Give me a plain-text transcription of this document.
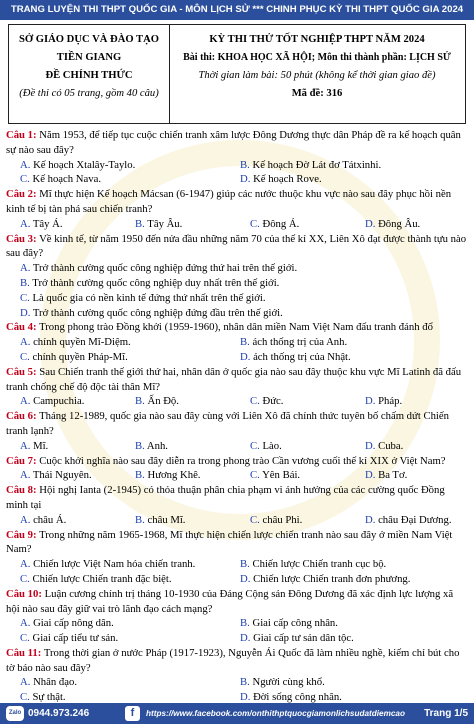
TRANG LUYỆN THI THPT QUỐC GIA - MÔN LỊCH SỬ *** CHINH PHỤC KỲ THI THPT QUỐC GIA 2024
SỞ GIÁO DỤC VÀ ĐÀO TẠO
TIỀN GIANG
ĐỀ CHÍNH THỨC
(Đề thi có 05 trang, gồm 40 câu)
KỲ THI THỬ TỐT NGHIỆP THPT NĂM 2024
Bài thi: KHOA HỌC XÃ HỘI; Môn thi thành phần: LỊCH SỬ
Thời gian làm bài: 50 phút (không kể thời gian giao đề)
Mã đề: 316

Câu 1: Năm 1953, để tiếp tục cuộc chiến tranh xâm lược Đông Dương thực dân Pháp đề ra kế hoạch quân sự nào sau đây?

A. Kế hoạch Xtalây-Taylo.	B. Kế hoạch Đờ Lát đơ Tátxinhi.
C. Kế hoạch Nava.	D. Kế hoạch Rove.

Câu 2: Mĩ thực hiện Kế hoạch Mácsan (6-1947) giúp các nước thuộc khu vực nào sau đây phục hồi nền kinh tế bị tàn phá sau chiến tranh?

A. Tây Á.	B. Tây Âu.	C. Đông Á.	D. Đông Âu.

Câu 3: Về kinh tế, từ năm 1950 đến nửa đầu những năm 70 của thế kỉ XX, Liên Xô đạt được thành tựu nào sau đây?

A. Trở thành cường quốc công nghiệp đứng thứ hai trên thế giới.
B. Trở thành cường quốc công nghiệp duy nhất trên thế giới.
C. Là quốc gia có nền kinh tế đứng thứ nhất trên thế giới.
D. Trở thành cường quốc công nghiệp đứng đầu trên thế giới.

Câu 4: Trong phong trào Đồng khởi (1959-1960), nhân dân miền Nam Việt Nam đấu tranh đánh đổ

A. chính quyền Mĩ-Diệm.	B. ách thống trị của Anh.
C. chính quyền Pháp-Mĩ.	D. ách thống trị của Nhật.

Câu 5: Sau Chiến tranh thế giới thứ hai, nhân dân ở quốc gia nào sau đây thuộc khu vực Mĩ Latinh đã đấu tranh chống chế độ độc tài thân Mĩ?

A. Campuchia.	B. Ấn Độ.	C. Đức.	D. Pháp.

Câu 6: Tháng 12-1989, quốc gia nào sau đây cùng với Liên Xô đã chính thức tuyên bố chấm dứt Chiến tranh lạnh?

A. Mĩ.	B. Anh.	C. Lào.	D. Cuba.

Câu 7: Cuộc khởi nghĩa nào sau đây diễn ra trong phong trào Cần vương cuối thế kỉ XIX ở Việt Nam?

A. Thái Nguyên.	B. Hương Khê.	C. Yên Bái.	D. Ba Tơ.

Câu 8: Hội nghị Ianta (2-1945) có thỏa thuận phân chia phạm vi ảnh hưởng của các cường quốc Đồng minh tại

A. châu Á.	B. châu Mĩ.	C. châu Phi.	D. châu Đại Dương.

Câu 9: Trong những năm 1965-1968, Mĩ thực hiện chiến lược chiến tranh nào sau đây ở miền Nam Việt Nam?

A. Chiến lược Việt Nam hóa chiến tranh.	B. Chiến lược Chiến tranh cục bộ.
C. Chiến lược Chiến tranh đặc biệt.	D. Chiến lược Chiến tranh đơn phương.

Câu 10: Luận cương chính trị tháng 10-1930 của Đảng Cộng sản Đông Dương đã xác định lực lượng xã hội nào sau đây giữ vai trò lãnh đạo cách mạng?

A. Giai cấp nông dân.	B. Giai cấp công nhân.
C. Giai cấp tiểu tư sản.	D. Giai cấp tư sản dân tộc.

Câu 11: Trong thời gian ở nước Pháp (1917-1923), Nguyễn Ái Quốc đã làm nhiều nghề, kiếm chỉ bút cho tờ báo nào sau đây?

A. Nhân đạo.	B. Người cùng khổ.
C. Sự thật.	D. Đời sống công nhân.
Zalo 0944.973.246	f	https://www.facebook.com/onthithptquocgiamonlichsudatdiemcao Trang 1/5
